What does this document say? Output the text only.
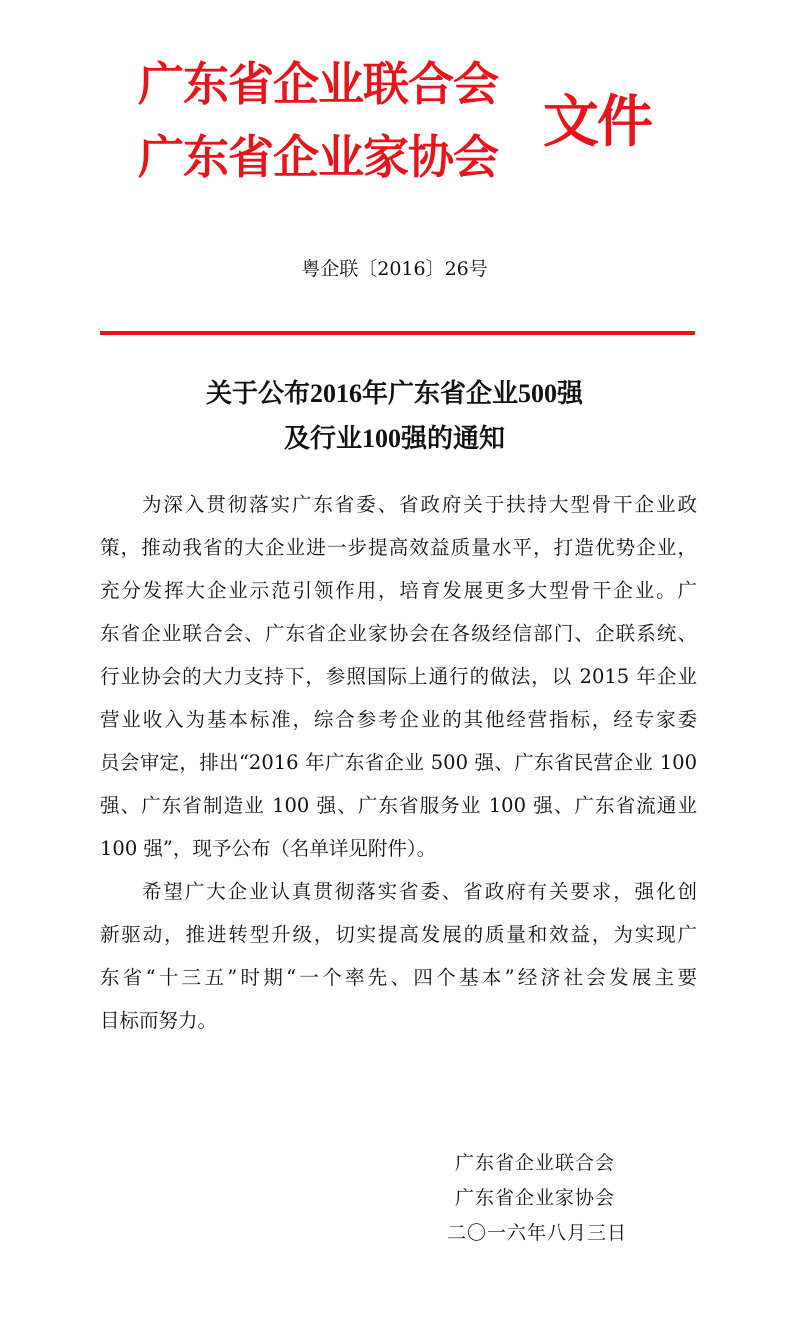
广东省企业联合会
广东省企业家协会
文件
粤企联〔2016〕26号
关于公布2016年广东省企业500强
及行业100强的通知
为深入贯彻落实广东省委、省政府关于扶持大型骨干企业政
策，推动我省的大企业进一步提高效益质量水平，打造优势企业，
充分发挥大企业示范引领作用，培育发展更多大型骨干企业。广
东省企业联合会、广东省企业家协会在各级经信部门、企联系统、
行业协会的大力支持下，参照国际上通行的做法，以 2015 年企业
营业收入为基本标准，综合参考企业的其他经营指标，经专家委
员会审定，排出“2016 年广东省企业 500 强、广东省民营企业 100
强、广东省制造业 100 强、广东省服务业 100 强、广东省流通业
100 强”，现予公布（名单详见附件）。
希望广大企业认真贯彻落实省委、省政府有关要求，强化创
新驱动，推进转型升级，切实提高发展的质量和效益，为实现广
东省“十三五”时期“一个率先、四个基本”经济社会发展主要
目标而努力。
广东省企业联合会
广东省企业家协会
二〇一六年八月三日
